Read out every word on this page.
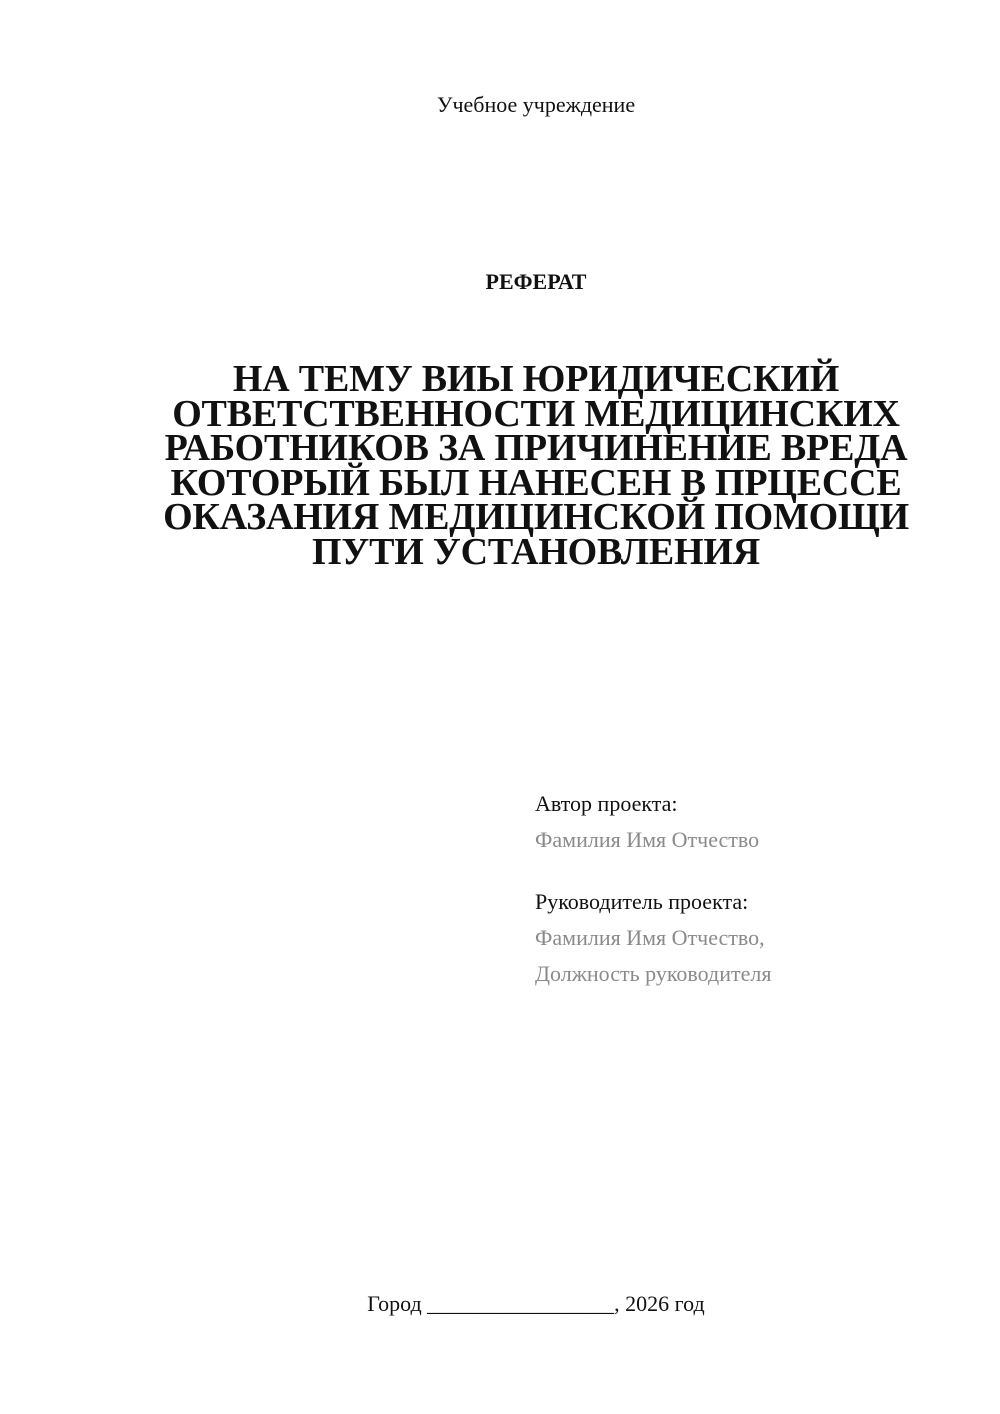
Учебное учреждение
РЕФЕРАТ
НА ТЕМУ ВИЫ ЮРИДИЧЕСКИЙ
ОТВЕТСТВЕННОСТИ МЕДИЦИНСКИХ
РАБОТНИКОВ ЗА ПРИЧИНЕНИЕ ВРЕДА
КОТОРЫЙ БЫЛ НАНЕСЕН В ПРЦЕССЕ
ОКАЗАНИЯ МЕДИЦИНСКОЙ ПОМОЩИ
ПУТИ УСТАНОВЛЕНИЯ
Автор проекта:
Фамилия Имя Отчество
Руководитель проекта:
Фамилия Имя Отчество,
Должность руководителя
Город _________________, 2026 год
